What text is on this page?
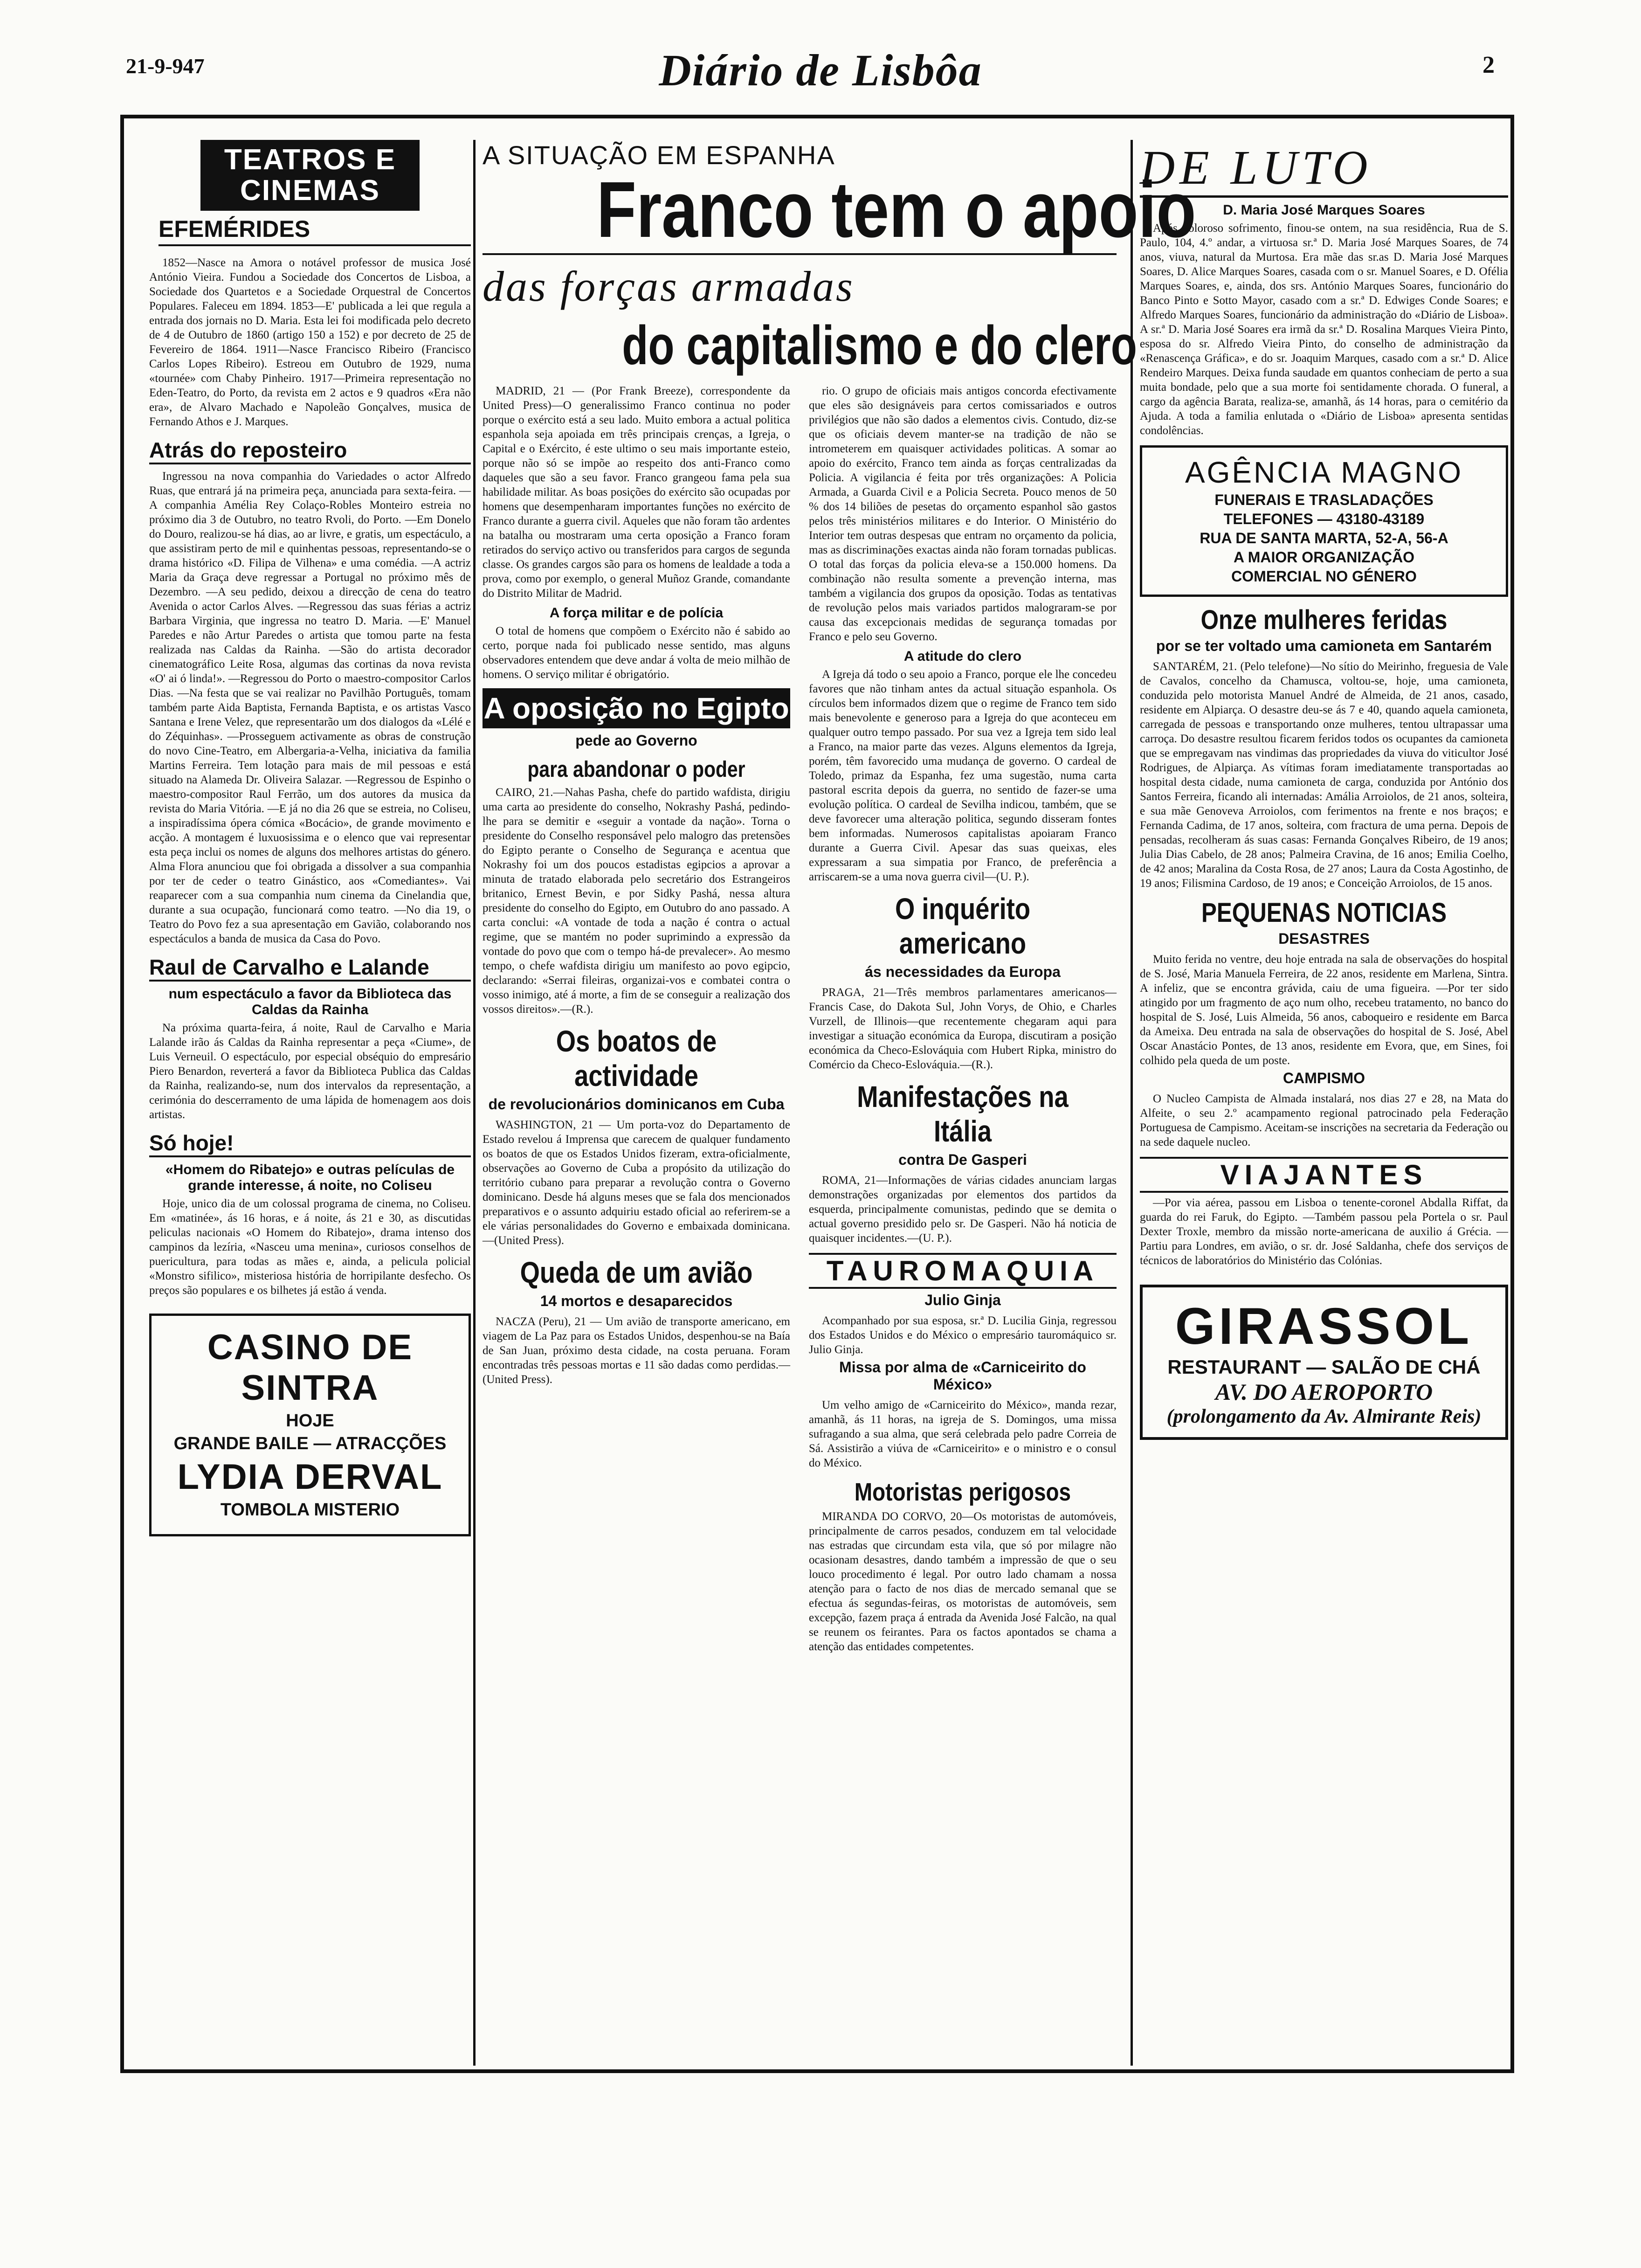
21-9-947	Diário de Lisbôa	2
TEATROS E CINEMAS
EFEMÉRIDES

1852—Nasce na Amora o notável professor de musica José António Vieira. Fundou a Sociedade dos Concertos de Lisboa, a Sociedade dos Quartetos e a Sociedade Orquestral de Concertos Populares. Faleceu em 1894. 1853—E' publicada a lei que regula a entrada dos jornais no D. Maria. Esta lei foi modificada pelo decreto de 4 de Outubro de 1860 (artigo 150 a 152) e por decreto de 25 de Fevereiro de 1864. 1911—Nasce Francisco Ribeiro (Francisco Carlos Lopes Ribeiro). Estreou em Outubro de 1929, numa «tournée» com Chaby Pinheiro. 1917—Primeira representação no Eden-Teatro, do Porto, da revista em 2 actos e 9 quadros «Era não era», de Alvaro Machado e Napoleão Gonçalves, musica de Fernando Athos e J. Marques.

Atrás do reposteiro

Ingressou na nova companhia do Variedades o actor Alfredo Ruas, que entrará já na primeira peça, anunciada para sexta-feira. —A companhia Amélia Rey Colaço-Robles Monteiro estreia no próximo dia 3 de Outubro, no teatro Rvoli, do Porto. —Em Donelo do Douro, realizou-se há dias, ao ar livre, e gratis, um espectáculo, a que assistiram perto de mil e quinhentas pessoas, representando-se o drama histórico «D. Filipa de Vilhena» e uma comédia. —A actriz Maria da Graça deve regressar a Portugal no próximo mês de Dezembro. —A seu pedido, deixou a direcção de cena do teatro Avenida o actor Carlos Alves. —Regressou das suas férias a actriz Barbara Virginia, que ingressa no teatro D. Maria. —E' Manuel Paredes e não Artur Paredes o artista que tomou parte na festa realizada nas Caldas da Rainha. —São do artista decorador cinematográfico Leite Rosa, algumas das cortinas da nova revista «O' ai ó linda!». —Regressou do Porto o maestro-compositor Carlos Dias. —Na festa que se vai realizar no Pavilhão Português, tomam também parte Aida Baptista, Fernanda Baptista, e os artistas Vasco Santana e Irene Velez, que representarão um dos dialogos da «Lélé e do Zéquinhas». —Prosseguem activamente as obras de construção do novo Cine-Teatro, em Albergaria-a-Velha, iniciativa da familia Martins Ferreira. Tem lotação para mais de mil pessoas e está situado na Alameda Dr. Oliveira Salazar. —Regressou de Espinho o maestro-compositor Raul Ferrão, um dos autores da musica da revista do Maria Vitória. —E já no dia 26 que se estreia, no Coliseu, a inspiradíssima ópera cómica «Bocácio», de grande movimento e acção. A montagem é luxuosissima e o elenco que vai representar esta peça inclui os nomes de alguns dos melhores artistas do género. Alma Flora anunciou que foi obrigada a dissolver a sua companhia por ter de ceder o teatro Ginástico, aos «Comediantes». Vai reaparecer com a sua companhia num cinema da Cinelandia que, durante a sua ocupação, funcionará como teatro. —No dia 19, o Teatro do Povo fez a sua apresentação em Gavião, colaborando nos espectáculos a banda de musica da Casa do Povo.

Raul de Carvalho e Lalande
num espectáculo a favor da Biblioteca das Caldas da Rainha

Na próxima quarta-feira, á noite, Raul de Carvalho e Maria Lalande irão ás Caldas da Rainha representar a peça «Ciume», de Luis Verneuil. O espectáculo, por especial obséquio do empresário Piero Benardon, reverterá a favor da Biblioteca Publica das Caldas da Rainha, realizando-se, num dos intervalos da representação, a cerimónia do descerramento de uma lápida de homenagem aos dois artistas.

Só hoje!
«Homem do Ribatejo» e outras películas de grande interesse, á noite, no Coliseu

Hoje, unico dia de um colossal programa de cinema, no Coliseu. Em «matinée», ás 16 horas, e á noite, ás 21 e 30, as discutidas peliculas nacionais «O Homem do Ribatejo», drama intenso dos campinos da lezíria, «Nasceu uma menina», curiosos conselhos de puericultura, para todas as mães e, ainda, a pelicula policial «Monstro sifilico», misteriosa história de horripilante desfecho. Os preços são populares e os bilhetes já estão á venda.

CASINO DE SINTRA
HOJE
GRANDE BAILE — ATRACÇÕES
LYDIA DERVAL
TOMBOLA MISTERIO
A SITUAÇÃO EM ESPANHA
Franco tem o apoio
das forças armadas
do capitalismo e do clero

MADRID, 21 — (Por Frank Breeze), correspondente da United Press)—O generalissimo Franco continua no poder porque o exército está a seu lado. Muito embora a actual politica espanhola seja apoiada em três principais crenças, a Igreja, o Capital e o Exército, é este ultimo o seu mais importante esteio, porque não só se impõe ao respeito dos anti-Franco como daqueles que são a seu favor. Franco grangeou fama pela sua habilidade militar. As boas posições do exército são ocupadas por homens que desempenharam importantes funções no exército de Franco durante a guerra civil. Aqueles que não foram tão ardentes na batalha ou mostraram uma certa oposição a Franco foram retirados do serviço activo ou transferidos para cargos de segunda classe. Os grandes cargos são para os homens de lealdade a toda a prova, como por exemplo, o general Muñoz Grande, comandante do Distrito Militar de Madrid.

A força militar e de polícia

O total de homens que compõem o Exército não é sabido ao certo, porque nada foi publicado nesse sentido, mas alguns observadores entendem que deve andar á volta de meio milhão de homens. O serviço militar é obrigatório.

A oposição no Egipto
pede ao Governo
para abandonar o poder

CAIRO, 21.—Nahas Pasha, chefe do partido wafdista, dirigiu uma carta ao presidente do conselho, Nokrashy Pashá, pedindo-lhe para se demitir e «seguir a vontade da nação». Torna o presidente do Conselho responsável pelo malogro das pretensões do Egipto perante o Conselho de Segurança e acentua que Nokrashy foi um dos poucos estadistas egipcios a aprovar a minuta de tratado elaborada pelo secretário dos Estrangeiros britanico, Ernest Bevin, e por Sidky Pashá, nessa altura presidente do conselho do Egipto, em Outubro do ano passado. A carta conclui: «A vontade de toda a nação é contra o actual regime, que se mantém no poder suprimindo a expressão da vontade do povo que com o tempo há-de prevalecer». Ao mesmo tempo, o chefe wafdista dirigiu um manifesto ao povo egipcio, declarando: «Serrai fileiras, organizai-vos e combatei contra o vosso inimigo, até á morte, a fim de se conseguir a realização dos vossos direitos».—(R.).

Os boatos de actividade
de revolucionários dominicanos em Cuba

WASHINGTON, 21 — Um porta-voz do Departamento de Estado revelou á Imprensa que carecem de qualquer fundamento os boatos de que os Estados Unidos fizeram, extra-oficialmente, observações ao Governo de Cuba a propósito da utilização do território cubano para preparar a revolução contra o Governo dominicano. Desde há alguns meses que se fala dos mencionados preparativos e o assunto adquiriu estado oficial ao referirem-se a ele várias personalidades do Governo e embaixada dominicana.—(United Press).

Queda de um avião
14 mortos e desaparecidos

NACZA (Peru), 21 — Um avião de transporte americano, em viagem de La Paz para os Estados Unidos, despenhou-se na Baía de San Juan, próximo desta cidade, na costa peruana. Foram encontradas três pessoas mortas e 11 são dadas como perdidas.—(United Press).

rio. O grupo de oficiais mais antigos concorda efectivamente que eles são designáveis para certos comissariados e outros privilégios que não são dados a elementos civis. Contudo, diz-se que os oficiais devem manter-se na tradição de não se intrometerem em quaisquer actividades politicas. A somar ao apoio do exército, Franco tem ainda as forças centralizadas da Policia. A vigilancia é feita por três organizações: A Policia Armada, a Guarda Civil e a Policia Secreta. Pouco menos de 50 % dos 14 biliões de pesetas do orçamento espanhol são gastos pelos três ministérios militares e do Interior. O Ministério do Interior tem outras despesas que entram no orçamento da policia, mas as discriminações exactas ainda não foram tornadas publicas. O total das forças da policia eleva-se a 150.000 homens. Da combinação não resulta somente a prevenção interna, mas também a vigilancia dos grupos da oposição. Todas as tentativas de revolução pelos mais variados partidos malograram-se por causa das excepcionais medidas de segurança tomadas por Franco e pelo seu Governo.

A atitude do clero

A Igreja dá todo o seu apoio a Franco, porque ele lhe concedeu favores que não tinham antes da actual situação espanhola. Os círculos bem informados dizem que o regime de Franco tem sido mais benevolente e generoso para a Igreja do que aconteceu em qualquer outro tempo passado. Por sua vez a Igreja tem sido leal a Franco, na maior parte das vezes. Alguns elementos da Igreja, porém, têm favorecido uma mudança de governo. O cardeal de Toledo, primaz da Espanha, fez uma sugestão, numa carta pastoral escrita depois da guerra, no sentido de fazer-se uma evolução política. O cardeal de Sevilha indicou, também, que se deve favorecer uma alteração politica, segundo disseram fontes bem informadas. Numerosos capitalistas apoiaram Franco durante a Guerra Civil. Apesar das suas queixas, eles expressaram a sua simpatia por Franco, de preferência a arriscarem-se a uma nova guerra civil—(U. P.).

O inquérito americano
ás necessidades da Europa

PRAGA, 21—Três membros parlamentares americanos—Francis Case, do Dakota Sul, John Vorys, de Ohio, e Charles Vurzell, de Illinois—que recentemente chegaram aqui para investigar a situação económica da Europa, discutiram a posição económica da Checo-Eslováquia com Hubert Ripka, ministro do Comércio da Checo-Eslováquia.—(R.).

Manifestações na Itália
contra De Gasperi

ROMA, 21—Informações de várias cidades anunciam largas demonstrações organizadas por elementos dos partidos da esquerda, principalmente comunistas, pedindo que se demita o actual governo presidido pelo sr. De Gasperi. Não há noticia de quaisquer incidentes.—(U. P.).

TAUROMAQUIA
Julio Ginja

Acompanhado por sua esposa, sr.ª D. Lucilia Ginja, regressou dos Estados Unidos e do México o empresário tauromáquico sr. Julio Ginja.

Missa por alma de «Carniceirito do México»

Um velho amigo de «Carniceirito do México», manda rezar, amanhã, ás 11 horas, na igreja de S. Domingos, uma missa sufragando a sua alma, que será celebrada pelo padre Correia de Sá. Assistirão a viúva de «Carniceirito» e o ministro e o consul do México.

Motoristas perigosos

MIRANDA DO CORVO, 20—Os motoristas de automóveis, principalmente de carros pesados, conduzem em tal velocidade nas estradas que circundam esta vila, que só por milagre não ocasionam desastres, dando também a impressão de que o seu louco procedimento é legal. Por outro lado chamam a nossa atenção para o facto de nos dias de mercado semanal que se efectua ás segundas-feiras, os motoristas de automóveis, sem excepção, fazem praça á entrada da Avenida José Falcão, na qual se reunem os feirantes. Para os factos apontados se chama a atenção das entidades competentes.

DE LUTO
D. Maria José Marques Soares

Após doloroso sofrimento, finou-se ontem, na sua residência, Rua de S. Paulo, 104, 4.º andar, a virtuosa sr.ª D. Maria José Marques Soares, de 74 anos, viuva, natural da Murtosa. Era mãe das sr.as D. Maria José Marques Soares, D. Alice Marques Soares, casada com o sr. Manuel Soares, e D. Ofélia Marques Soares, e, ainda, dos srs. António Marques Soares, funcionário do Banco Pinto e Sotto Mayor, casado com a sr.ª D. Edwiges Conde Soares; e Alfredo Marques Soares, funcionário da administração do «Diário de Lisboa». A sr.ª D. Maria José Soares era irmã da sr.ª D. Rosalina Marques Vieira Pinto, esposa do sr. Alfredo Vieira Pinto, do conselho de administração da «Renascença Gráfica», e do sr. Joaquim Marques, casado com a sr.ª D. Alice Rendeiro Marques. Deixa funda saudade em quantos conheciam de perto a sua muita bondade, pelo que a sua morte foi sentidamente chorada. O funeral, a cargo da agência Barata, realiza-se, amanhã, ás 14 horas, para o cemitério da Ajuda. A toda a familia enlutada o «Diário de Lisboa» apresenta sentidas condolências.

AGÊNCIA MAGNO
FUNERAIS E TRASLADAÇÕES
TELEFONES — 43180-43189
RUA DE SANTA MARTA, 52-A, 56-A
A MAIOR ORGANIZAÇÃO
COMERCIAL NO GÉNERO
Onze mulheres feridas
por se ter voltado uma camioneta em Santarém

SANTARÉM, 21. (Pelo telefone)—No sítio do Meirinho, freguesia de Vale de Cavalos, concelho da Chamusca, voltou-se, hoje, uma camioneta, conduzida pelo motorista Manuel André de Almeida, de 21 anos, casado, residente em Alpiarça. O desastre deu-se ás 7 e 40, quando aquela camioneta, carregada de pessoas e transportando onze mulheres, tentou ultrapassar uma carroça. Do desastre resultou ficarem feridos todos os ocupantes da camioneta que se empregavam nas vindimas das propriedades da viuva do viticultor José Rodrigues, de Alpiarça. As vítimas foram imediatamente transportadas ao hospital desta cidade, numa camioneta de carga, conduzida por António dos Santos Ferreira, ficando ali internadas: Amália Arroiolos, de 21 anos, solteira, e sua mãe Genoveva Arroiolos, com ferimentos na frente e nos braços; e Fernanda Cadima, de 17 anos, solteira, com fractura de uma perna. Depois de pensadas, recolheram ás suas casas: Fernanda Gonçalves Ribeiro, de 19 anos; Julia Dias Cabelo, de 28 anos; Palmeira Cravina, de 16 anos; Emilia Coelho, de 42 anos; Maralina da Costa Rosa, de 27 anos; Laura da Costa Agostinho, de 19 anos; Filismina Cardoso, de 19 anos; e Conceição Arroiolos, de 15 anos.

PEQUENAS NOTICIAS
DESASTRES

Muito ferida no ventre, deu hoje entrada na sala de observações do hospital de S. José, Maria Manuela Ferreira, de 22 anos, residente em Marlena, Sintra. A infeliz, que se encontra grávida, caiu de uma figueira. —Por ter sido atingido por um fragmento de aço num olho, recebeu tratamento, no banco do hospital de S. José, Luis Almeida, 56 anos, caboqueiro e residente em Barca da Ameixa. Deu entrada na sala de observações do hospital de S. José, Abel Oscar Anastácio Pontes, de 13 anos, residente em Evora, que, em Sines, foi colhido pela queda de um poste.

CAMPISMO

O Nucleo Campista de Almada instalará, nos dias 27 e 28, na Mata do Alfeite, o seu 2.º acampamento regional patrocinado pela Federação Portuguesa de Campismo. Aceitam-se inscrições na secretaria da Federação ou na sede daquele nucleo.

VIAJANTES

—Por via aérea, passou em Lisboa o tenente-coronel Abdalla Riffat, da guarda do rei Faruk, do Egipto. —Também passou pela Portela o sr. Paul Dexter Troxle, membro da missão norte-americana de auxilio á Grécia. —Partiu para Londres, em avião, o sr. dr. José Saldanha, chefe dos serviços de técnicos de laboratórios do Ministério das Colónias.

GIRASSOL
RESTAURANT — SALÃO DE CHÁ
AV. DO AEROPORTO
(prolongamento da Av. Almirante Reis)
